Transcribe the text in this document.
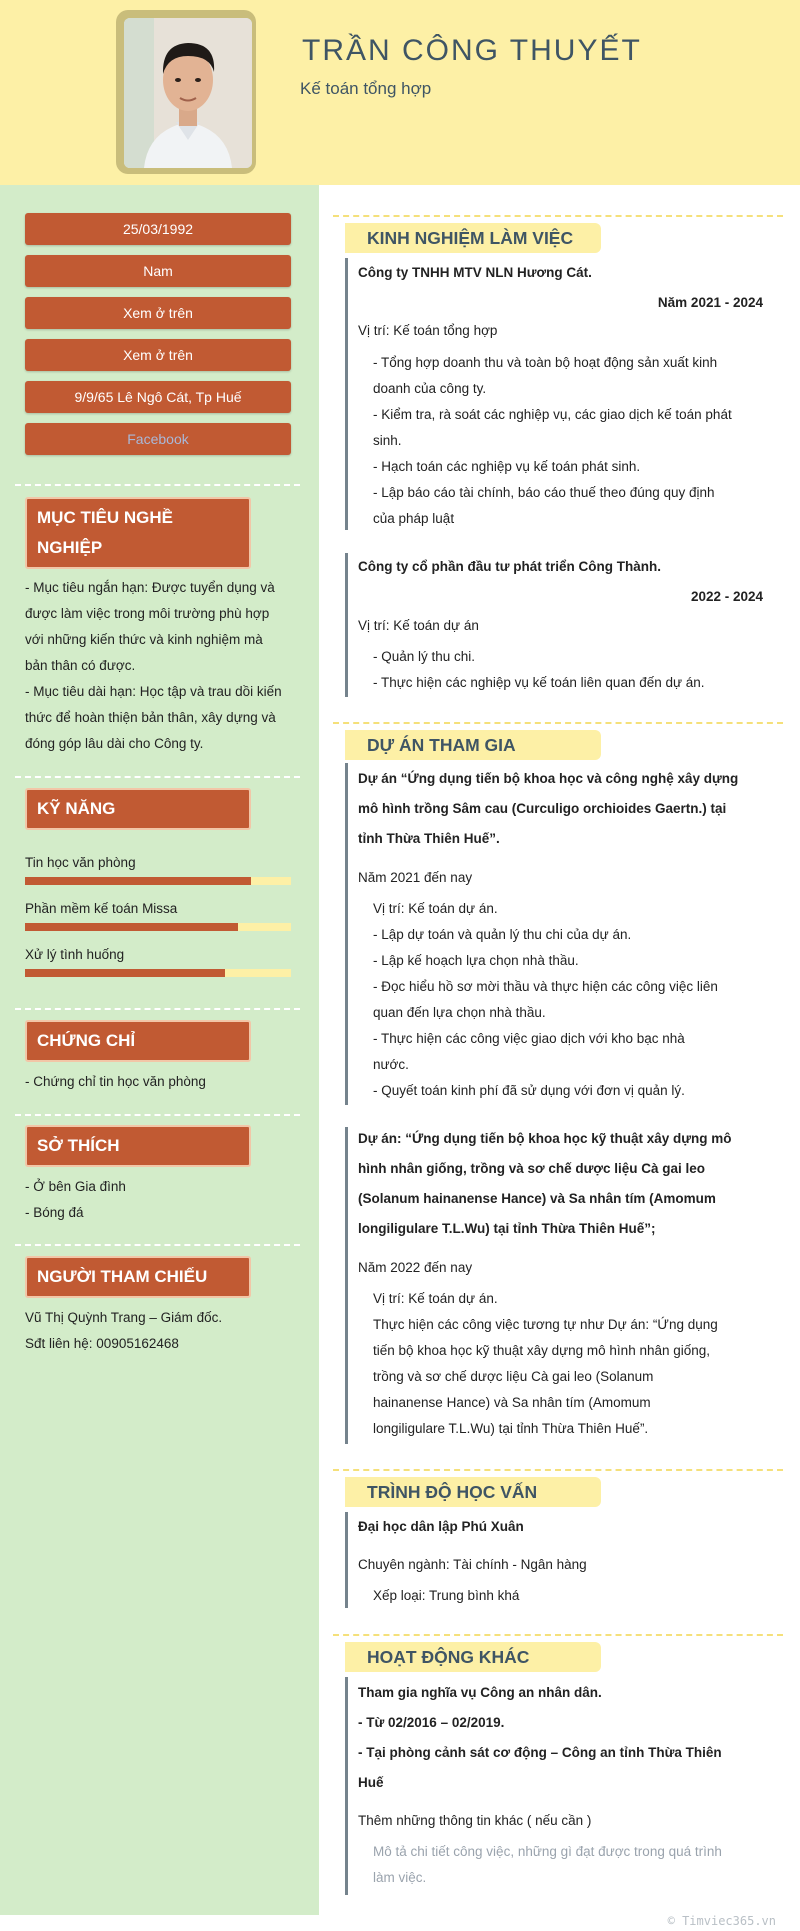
TRẦN CÔNG THUYẾT
Kế toán tổng hợp
25/03/1992
Nam
Xem ở trên
Xem ở trên
9/9/65 Lê Ngô Cát, Tp Huế
Facebook
MỤC TIÊU NGHỀ
NGHIỆP
- Mục tiêu ngắn hạn: Được tuyển dụng và
được làm việc trong môi trường phù hợp
với những kiến thức và kinh nghiệm mà
bản thân có được.
- Mục tiêu dài hạn: Học tập và trau dồi kiến
thức để hoàn thiện bản thân, xây dựng và
đóng góp lâu dài cho Công ty.
KỸ NĂNG
Tin học văn phòng
Phần mềm kế toán Missa
Xử lý tình huống
CHỨNG CHỈ
- Chứng chỉ tin học văn phòng
SỞ THÍCH
- Ở bên Gia đình
- Bóng đá
NGƯỜI THAM CHIẾU
Vũ Thị Quỳnh Trang – Giám đốc.
Sđt liên hệ: 00905162468
KINH NGHIỆM LÀM VIỆC
Công ty TNHH MTV NLN Hương Cát.
Năm 2021 - 2024
Vị trí: Kế toán tổng hợp
- Tổng hợp doanh thu và toàn bộ hoạt động sản xuất kinh
doanh của công ty.
- Kiểm tra, rà soát các nghiệp vụ, các giao dịch kế toán phát
sinh.
- Hạch toán các nghiệp vụ kế toán phát sinh.
- Lập báo cáo tài chính, báo cáo thuế theo đúng quy định
của pháp luật
Công ty cổ phần đầu tư phát triển Công Thành.
2022 - 2024
Vị trí: Kế toán dự án
- Quản lý thu chi.
- Thực hiện các nghiệp vụ kế toán liên quan đến dự án.
DỰ ÁN THAM GIA
Dự án “Ứng dụng tiến bộ khoa học và công nghệ xây dựng
mô hình trồng Sâm cau (Curculigo orchioides Gaertn.) tại
tỉnh Thừa Thiên Huế”.
Năm 2021 đến nay
Vị trí: Kế toán dự án.
- Lập dự toán và quản lý thu chi của dự án.
- Lập kế hoạch lựa chọn nhà thầu.
- Đọc hiểu hồ sơ mời thầu và thực hiện các công việc liên
quan đến lựa chọn nhà thầu.
- Thực hiện các công việc giao dịch với kho bạc nhà
nước.
- Quyết toán kinh phí đã sử dụng với đơn vị quản lý.
Dự án: “Ứng dụng tiến bộ khoa học kỹ thuật xây dựng mô
hình nhân giống, trồng và sơ chế dược liệu Cà gai leo
(Solanum hainanense Hance) và Sa nhân tím (Amomum
longiligulare T.L.Wu) tại tỉnh Thừa Thiên Huế”;
Năm 2022 đến nay
Vị trí: Kế toán dự án.
Thực hiện các công việc tương tự như Dự án: “Ứng dụng
tiến bộ khoa học kỹ thuật xây dựng mô hình nhân giống,
trồng và sơ chế dược liệu Cà gai leo (Solanum
hainanense Hance) và Sa nhân tím (Amomum
longiligulare T.L.Wu) tại tỉnh Thừa Thiên Huế”.
TRÌNH ĐỘ HỌC VẤN
Đại học dân lập Phú Xuân
Chuyên ngành: Tài chính - Ngân hàng
Xếp loại: Trung bình khá
HOẠT ĐỘNG KHÁC
Tham gia nghĩa vụ Công an nhân dân.
- Từ 02/2016 – 02/2019.
- Tại phòng cảnh sát cơ động – Công an tỉnh Thừa Thiên
Huế
Thêm những thông tin khác ( nếu cần )
Mô tả chi tiết công việc, những gì đạt được trong quá trình
làm việc.
© Timviec365.vn
